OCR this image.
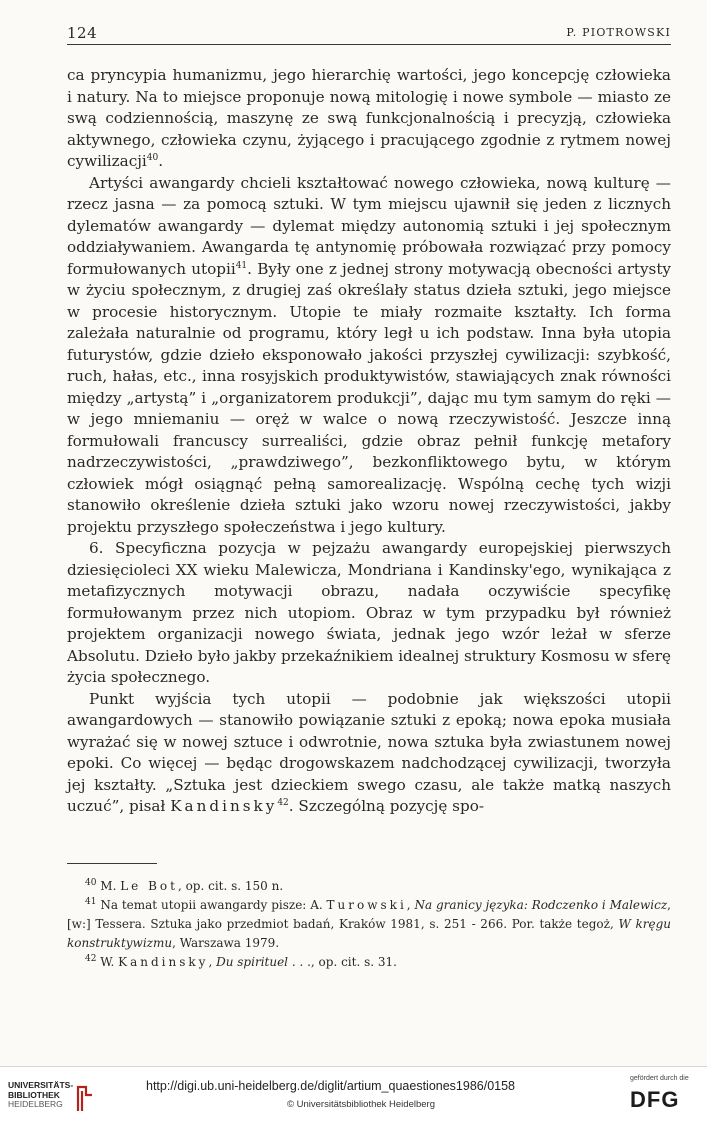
124	P. PIOTROWSKI

ca pryncypia humanizmu, jego hierarchię wartości, jego koncepcję człowieka i natury. Na to miejsce proponuje nową mitologię i nowe symbole — miasto ze swą codziennością, maszynę ze swą funkcjonalnością i precyzją, człowieka aktywnego, człowieka czynu, żyjącego i pracującego zgodnie z rytmem nowej cywilizacji$^{40}$.

Artyści awangardy chcieli kształtować nowego człowieka, nową kulturę — rzecz jasna — za pomocą sztuki. W tym miejscu ujawnił się jeden z licznych dylematów awangardy — dylemat między autonomią sztuki i jej społecznym oddziaływaniem. Awangarda tę antynomię próbowała rozwiązać przy pomocy formułowanych utopii$^{41}$. Były one z jednej strony motywacją obecności artysty w życiu społecznym, z drugiej zaś określały status dzieła sztuki, jego miejsce w procesie historycznym. Utopie te miały rozmaite kształty. Ich forma zależała naturalnie od programu, który legł u ich podstaw. Inna była utopia futurystów, gdzie dzieło eksponowało jakości przyszłej cywilizacji: szybkość, ruch, hałas, etc., inna rosyjskich produktywistów, stawiających znak równości między „artystą” i „organizatorem produkcji”, dając mu tym samym do ręki — w jego mniemaniu — oręż w walce o nową rzeczywistość. Jeszcze inną formułowali francuscy surrealiści, gdzie obraz pełnił funkcję metafory nadrzeczywistości, „prawdziwego”, bezkonfliktowego bytu, w którym człowiek mógł osiągnąć pełną samorealizację. Wspólną cechę tych wizji stanowiło określenie dzieła sztuki jako wzoru nowej rzeczywistości, jakby projektu przyszłego społeczeństwa i jego kultury.

6. Specyficzna pozycja w pejzażu awangardy europejskiej pierwszych dziesięcioleci XX wieku Malewicza, Mondriana i Kandinsky'ego, wynikająca z metafizycznych motywacji obrazu, nadała oczywiście specyfikę formułowanym przez nich utopiom. Obraz w tym przypadku był również projektem organizacji nowego świata, jednak jego wzór leżał w sferze Absolutu. Dzieło było jakby przekaźnikiem idealnej struktury Kosmosu w sferę życia społecznego.

Punkt wyjścia tych utopii — podobnie jak większości utopii awangardowych — stanowiło powiązanie sztuki z epoką; nowa epoka musiała wyrażać się w nowej sztuce i odwrotnie, nowa sztuka była zwiastunem nowej epoki. Co więcej — będąc drogowskazem nadchodzącej cywilizacji, tworzyła jej kształty. „Sztuka jest dzieckiem swego czasu, ale także matką naszych uczuć”, pisał Kandinsky$^{42}$. Szczególną pozycję spo-

$^{40}$ M. Le Bot, op. cit. s. 150 n.

$^{41}$ Na temat utopii awangardy pisze: A. Turowski, Na granicy języka: Rodczenko i Malewicz, [w:] Tessera. Sztuka jako przedmiot badań, Kraków 1981, s. 251 - 266. Por. także tegoż, W kręgu konstruktywizmu, Warszawa 1979.

$^{42}$ W. Kandinsky, Du spirituel . . ., op. cit. s. 31.

UNIVERSITÄTS-
BIBLIOTHEK
HEIDELBERG
http://digi.ub.uni-heidelberg.de/diglit/artium_quaestiones1986/0158
© Universitätsbibliothek Heidelberg
gefördert durch die
DFG
